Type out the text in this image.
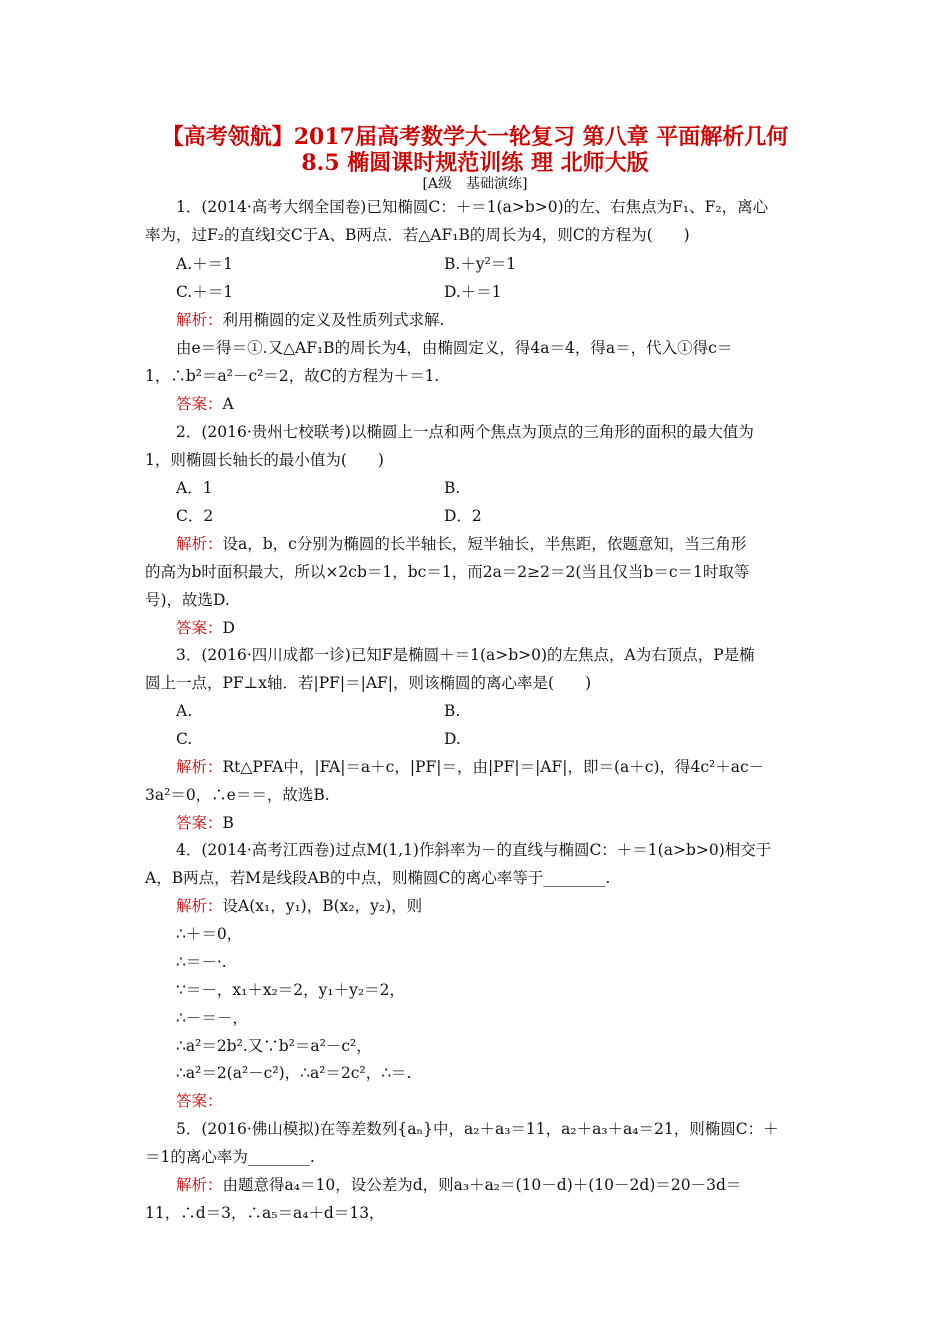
【高考领航】2017届高考数学大一轮复习 第八章 平面解析几何
8.5 椭圆课时规范训练 理 北师大版
[A级　基础演练]
1．(2014·高考大纲全国卷)已知椭圆C：＋＝1(a>b>0)的左、右焦点为F₁、F₂，离心
率为，过F₂的直线l交C于A、B两点．若△AF₁B的周长为4，则C的方程为(　　)
A.＋＝1	B.＋y²＝1
C.＋＝1	D.＋＝1
解析：利用椭圆的定义及性质列式求解.
由e＝得＝①.又△AF₁B的周长为4，由椭圆定义，得4a＝4，得a＝，代入①得c＝
1，∴b²＝a²－c²＝2，故C的方程为＋＝1.
答案：A
2．(2016·贵州七校联考)以椭圆上一点和两个焦点为顶点的三角形的面积的最大值为
1，则椭圆长轴长的最小值为(　　)
A．1	B.
C．2	D．2
解析：设a，b，c分别为椭圆的长半轴长，短半轴长，半焦距，依题意知，当三角形
的高为b时面积最大，所以×2cb＝1，bc＝1，而2a＝2≥2＝2(当且仅当b＝c＝1时取等
号)，故选D.
答案：D
3．(2016·四川成都一诊)已知F是椭圆＋＝1(a>b>0)的左焦点，A为右顶点，P是椭
圆上一点，PF⊥x轴．若|PF|＝|AF|，则该椭圆的离心率是(　　)
A.	B.
C.	D.
解析：Rt△PFA中，|FA|＝a＋c，|PF|＝，由|PF|＝|AF|，即＝(a＋c)，得4c²＋ac－
3a²＝0，∴e＝＝，故选B.
答案：B
4．(2014·高考江西卷)过点M(1,1)作斜率为－的直线与椭圆C：＋＝1(a>b>0)相交于
A，B两点，若M是线段AB的中点，则椭圆C的离心率等于________.
解析：设A(x₁，y₁)，B(x₂，y₂)，则
∴＋＝0，
∴＝－·.
∵＝－，x₁＋x₂＝2，y₁＋y₂＝2，
∴－＝－，
∴a²＝2b².又∵b²＝a²－c²，
∴a²＝2(a²－c²)，∴a²＝2c²，∴＝.
答案：
5．(2016·佛山模拟)在等差数列{aₙ}中，a₂＋a₃＝11，a₂＋a₃＋a₄＝21，则椭圆C：＋
＝1的离心率为________.
解析：由题意得a₄＝10，设公差为d，则a₃＋a₂＝(10－d)＋(10－2d)＝20－3d＝
11，∴d＝3，∴a₅＝a₄＋d＝13，
